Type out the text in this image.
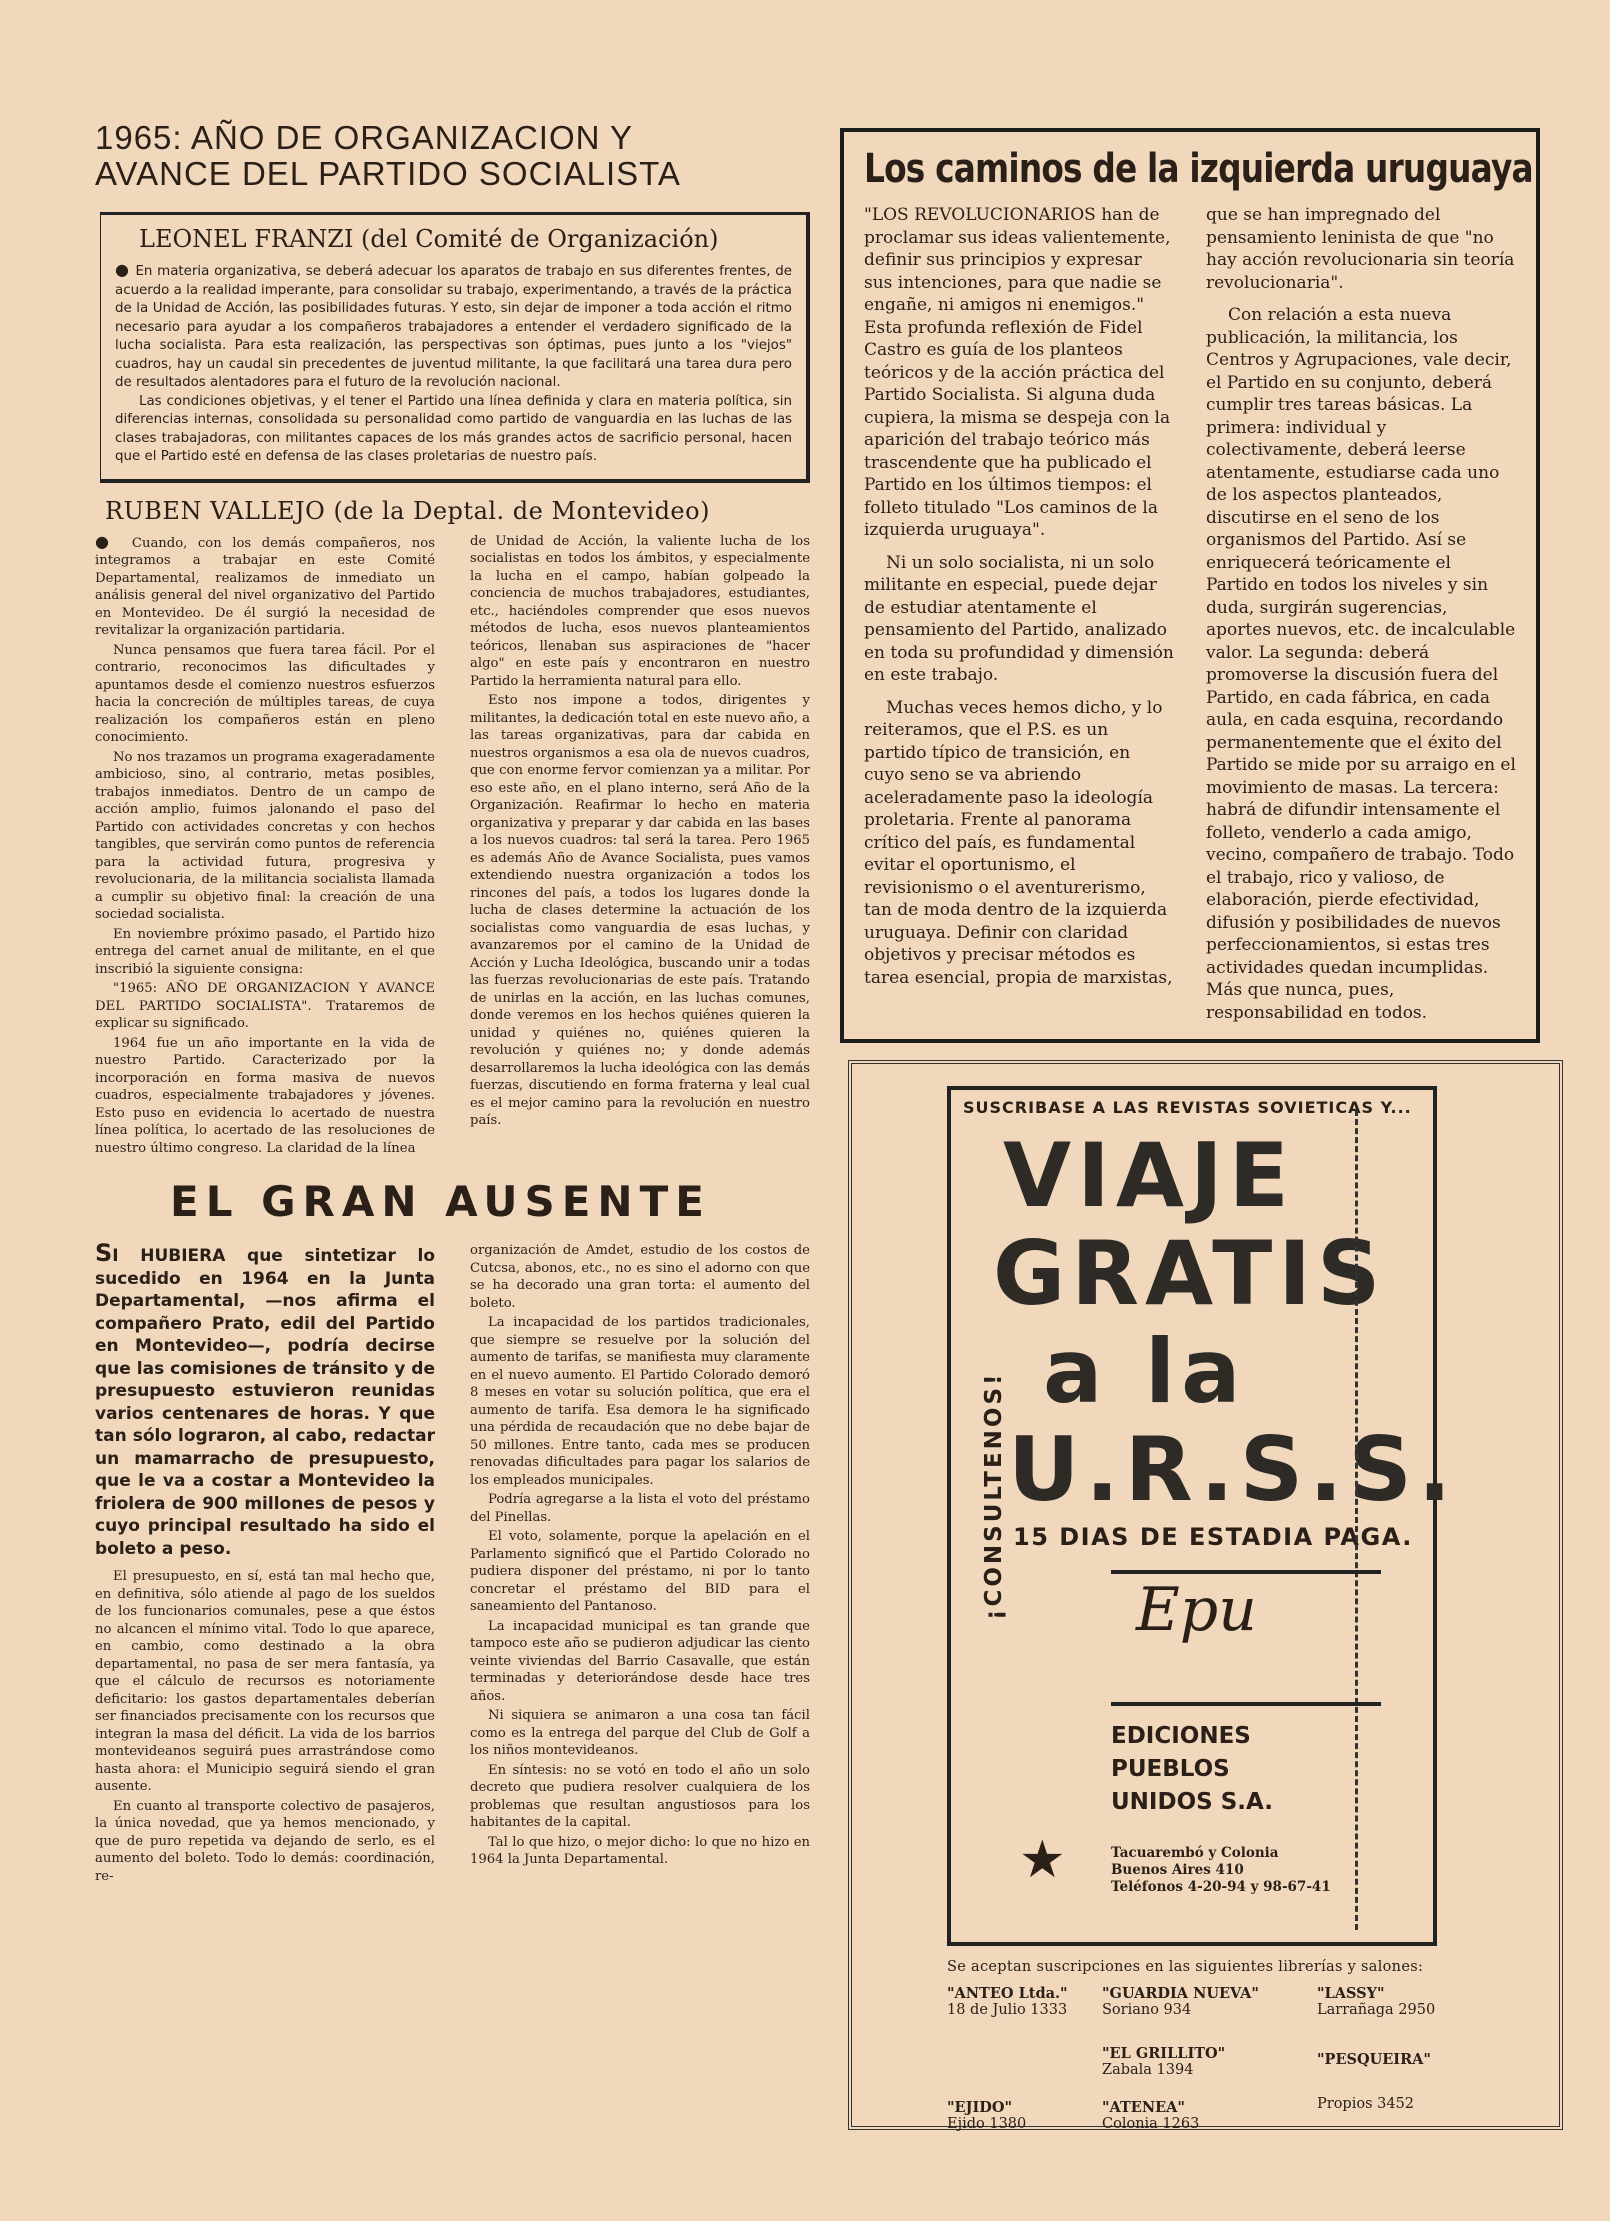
1965: AÑO DE ORGANIZACION Y
AVANCE DEL PARTIDO SOCIALISTA
LEONEL FRANZI (del Comité de Organización)

● En materia organizativa, se deberá adecuar los aparatos de trabajo en sus diferentes frentes, de acuerdo a la realidad imperante, para consolidar su trabajo, experimentando, a través de la práctica de la Unidad de Acción, las posibilidades futuras. Y esto, sin dejar de imponer a toda acción el ritmo necesario para ayudar a los compañeros trabajadores a entender el verdadero significado de la lucha socialista. Para esta realización, las perspectivas son óptimas, pues junto a los "viejos" cuadros, hay un caudal sin precedentes de juventud militante, la que facilitará una tarea dura pero de resultados alentadores para el futuro de la revolución nacional.

Las condiciones objetivas, y el tener el Partido una línea definida y clara en materia política, sin diferencias internas, consolidada su personalidad como partido de vanguardia en las luchas de las clases trabajadoras, con militantes capaces de los más grandes actos de sacrificio personal, hacen que el Partido esté en defensa de las clases proletarias de nuestro país.

RUBEN VALLEJO (de la Deptal. de Montevideo)

● Cuando, con los demás compañeros, nos integramos a trabajar en este Comité Departamental, realizamos de inmediato un análisis general del nivel organizativo del Partido en Montevideo. De él surgió la necesidad de revitalizar la organización partidaria.

Nunca pensamos que fuera tarea fácil. Por el contrario, reconocimos las dificultades y apuntamos desde el comienzo nuestros esfuerzos hacia la concreción de múltiples tareas, de cuya realización los compañeros están en pleno conocimiento.

No nos trazamos un programa exageradamente ambicioso, sino, al contrario, metas posibles, trabajos inmediatos. Dentro de un campo de acción amplio, fuimos jalonando el paso del Partido con actividades concretas y con hechos tangibles, que servirán como puntos de referencia para la actividad futura, progresiva y revolucionaria, de la militancia socialista llamada a cumplir su objetivo final: la creación de una sociedad socialista.

En noviembre próximo pasado, el Partido hizo entrega del carnet anual de militante, en el que inscribió la siguiente consigna:

"1965: AÑO DE ORGANIZACION Y AVANCE DEL PARTIDO SOCIALISTA". Trataremos de explicar su significado.

1964 fue un año importante en la vida de nuestro Partido. Caracterizado por la incorporación en forma masiva de nuevos cuadros, especialmente trabajadores y jóvenes. Esto puso en evidencia lo acertado de nuestra línea política, lo acertado de las resoluciones de nuestro último congreso. La claridad de la línea

de Unidad de Acción, la valiente lucha de los socialistas en todos los ámbitos, y especialmente la lucha en el campo, habían golpeado la conciencia de muchos trabajadores, estudiantes, etc., haciéndoles comprender que esos nuevos métodos de lucha, esos nuevos planteamientos teóricos, llenaban sus aspiraciones de "hacer algo" en este país y encontraron en nuestro Partido la herramienta natural para ello.

Esto nos impone a todos, dirigentes y militantes, la dedicación total en este nuevo año, a las tareas organizativas, para dar cabida en nuestros organismos a esa ola de nuevos cuadros, que con enorme fervor comienzan ya a militar. Por eso este año, en el plano interno, será Año de la Organización. Reafirmar lo hecho en materia organizativa y preparar y dar cabida en las bases a los nuevos cuadros: tal será la tarea. Pero 1965 es además Año de Avance Socialista, pues vamos extendiendo nuestra organización a todos los rincones del país, a todos los lugares donde la lucha de clases determine la actuación de los socialistas como vanguardia de esas luchas, y avanzaremos por el camino de la Unidad de Acción y Lucha Ideológica, buscando unir a todas las fuerzas revolucionarias de este país. Tratando de unirlas en la acción, en las luchas comunes, donde veremos en los hechos quiénes quieren la unidad y quiénes no, quiénes quieren la revolución y quiénes no; y donde además desarrollaremos la lucha ideológica con las demás fuerzas, discutiendo en forma fraterna y leal cual es el mejor camino para la revolución en nuestro país.

EL GRAN AUSENTE
SI HUBIERA que sintetizar lo sucedido en 1964 en la Junta Departamental, —nos afirma el compañero Prato, edil del Partido en Montevideo—, podría decirse que las comisiones de tránsito y de presupuesto estuvieron reunidas varios centenares de horas. Y que tan sólo lograron, al cabo, redactar un mamarracho de presupuesto, que le va a costar a Montevideo la friolera de 900 millones de pesos y cuyo principal resultado ha sido el boleto a peso.

El presupuesto, en sí, está tan mal hecho que, en definitiva, sólo atiende al pago de los sueldos de los funcionarios comunales, pese a que éstos no alcancen el mínimo vital. Todo lo que aparece, en cambio, como destinado a la obra departamental, no pasa de ser mera fantasía, ya que el cálculo de recursos es notoriamente deficitario: los gastos departamentales deberían ser financiados precisamente con los recursos que integran la masa del déficit. La vida de los barrios montevideanos seguirá pues arrastrándose como hasta ahora: el Municipio seguirá siendo el gran ausente.

En cuanto al transporte colectivo de pasajeros, la única novedad, que ya hemos mencionado, y que de puro repetida va dejando de serlo, es el aumento del boleto. Todo lo demás: coordinación, re-

organización de Amdet, estudio de los costos de Cutcsa, abonos, etc., no es sino el adorno con que se ha decorado una gran torta: el aumento del boleto.

La incapacidad de los partidos tradicionales, que siempre se resuelve por la solución del aumento de tarifas, se manifiesta muy claramente en el nuevo aumento. El Partido Colorado demoró 8 meses en votar su solución política, que era el aumento de tarifa. Esa demora le ha significado una pérdida de recaudación que no debe bajar de 50 millones. Entre tanto, cada mes se producen renovadas dificultades para pagar los salarios de los empleados municipales.

Podría agregarse a la lista el voto del préstamo del Pinellas.

El voto, solamente, porque la apelación en el Parlamento significó que el Partido Colorado no pudiera disponer del préstamo, ni por lo tanto concretar el préstamo del BID para el saneamiento del Pantanoso.

La incapacidad municipal es tan grande que tampoco este año se pudieron adjudicar las ciento veinte viviendas del Barrio Casavalle, que están terminadas y deteriorándose desde hace tres años.

Ni siquiera se animaron a una cosa tan fácil como es la entrega del parque del Club de Golf a los niños montevideanos.

En síntesis: no se votó en todo el año un solo decreto que pudiera resolver cualquiera de los problemas que resultan angustiosos para los habitantes de la capital.

Tal lo que hizo, o mejor dicho: lo que no hizo en 1964 la Junta Departamental.

Los caminos de la izquierda uruguaya

"LOS REVOLUCIONARIOS han de proclamar sus ideas valientemente, definir sus principios y expresar sus intenciones, para que nadie se engañe, ni amigos ni enemigos." Esta profunda reflexión de Fidel Castro es guía de los planteos teóricos y de la acción práctica del Partido Socialista. Si alguna duda cupiera, la misma se despeja con la aparición del trabajo teórico más trascendente que ha publicado el Partido en los últimos tiempos: el folleto titulado "Los caminos de la izquierda uruguaya".

Ni un solo socialista, ni un solo militante en especial, puede dejar de estudiar atentamente el pensamiento del Partido, analizado en toda su profundidad y dimensión en este trabajo.

Muchas veces hemos dicho, y lo reiteramos, que el P.S. es un partido típico de transición, en cuyo seno se va abriendo aceleradamente paso la ideología proletaria. Frente al panorama crítico del país, es fundamental evitar el oportunismo, el revisionismo o el aventurerismo, tan de moda dentro de la izquierda uruguaya. Definir con claridad objetivos y precisar métodos es tarea esencial, propia de marxistas,

que se han impregnado del pensamiento leninista de que "no hay acción revolucionaria sin teoría revolucionaria".

Con relación a esta nueva publicación, la militancia, los Centros y Agrupaciones, vale decir, el Partido en su conjunto, deberá cumplir tres tareas básicas. La primera: individual y colectivamente, deberá leerse atentamente, estudiarse cada uno de los aspectos planteados, discutirse en el seno de los organismos del Partido. Así se enriquecerá teóricamente el Partido en todos los niveles y sin duda, surgirán sugerencias, aportes nuevos, etc. de incalculable valor. La segunda: deberá promoverse la discusión fuera del Partido, en cada fábrica, en cada aula, en cada esquina, recordando permanentemente que el éxito del Partido se mide por su arraigo en el movimiento de masas. La tercera: habrá de difundir intensamente el folleto, venderlo a cada amigo, vecino, compañero de trabajo. Todo el trabajo, rico y valioso, de elaboración, pierde efectividad, difusión y posibilidades de nuevos perfeccionamientos, si estas tres actividades quedan incumplidas. Más que nunca, pues, responsabilidad en todos.

SUSCRIBASE A LAS REVISTAS SOVIETICAS Y...
VIAJE
GRATIS
a la
U.R.S.S.
15 DIAS DE ESTADIA PAGA.
Epu
¡CONSULTENOS!
★
EDICIONES
PUEBLOS
UNIDOS S.A.
Tacuarembó y Colonia
Buenos Aires 410
Teléfonos 4-20-94 y 98-67-41
Se aceptan suscripciones en las siguientes librerías y salones:
"ANTEO Ltda."
18 de Julio 1333
"GUARDIA NUEVA"
Soriano 934
"LASSY"
Larrañaga 2950
"EL GRILLITO"
Zabala 1394
"PESQUEIRA"
Propios 3452
"EJIDO"
Ejido 1380
"ATENEA"
Colonia 1263
